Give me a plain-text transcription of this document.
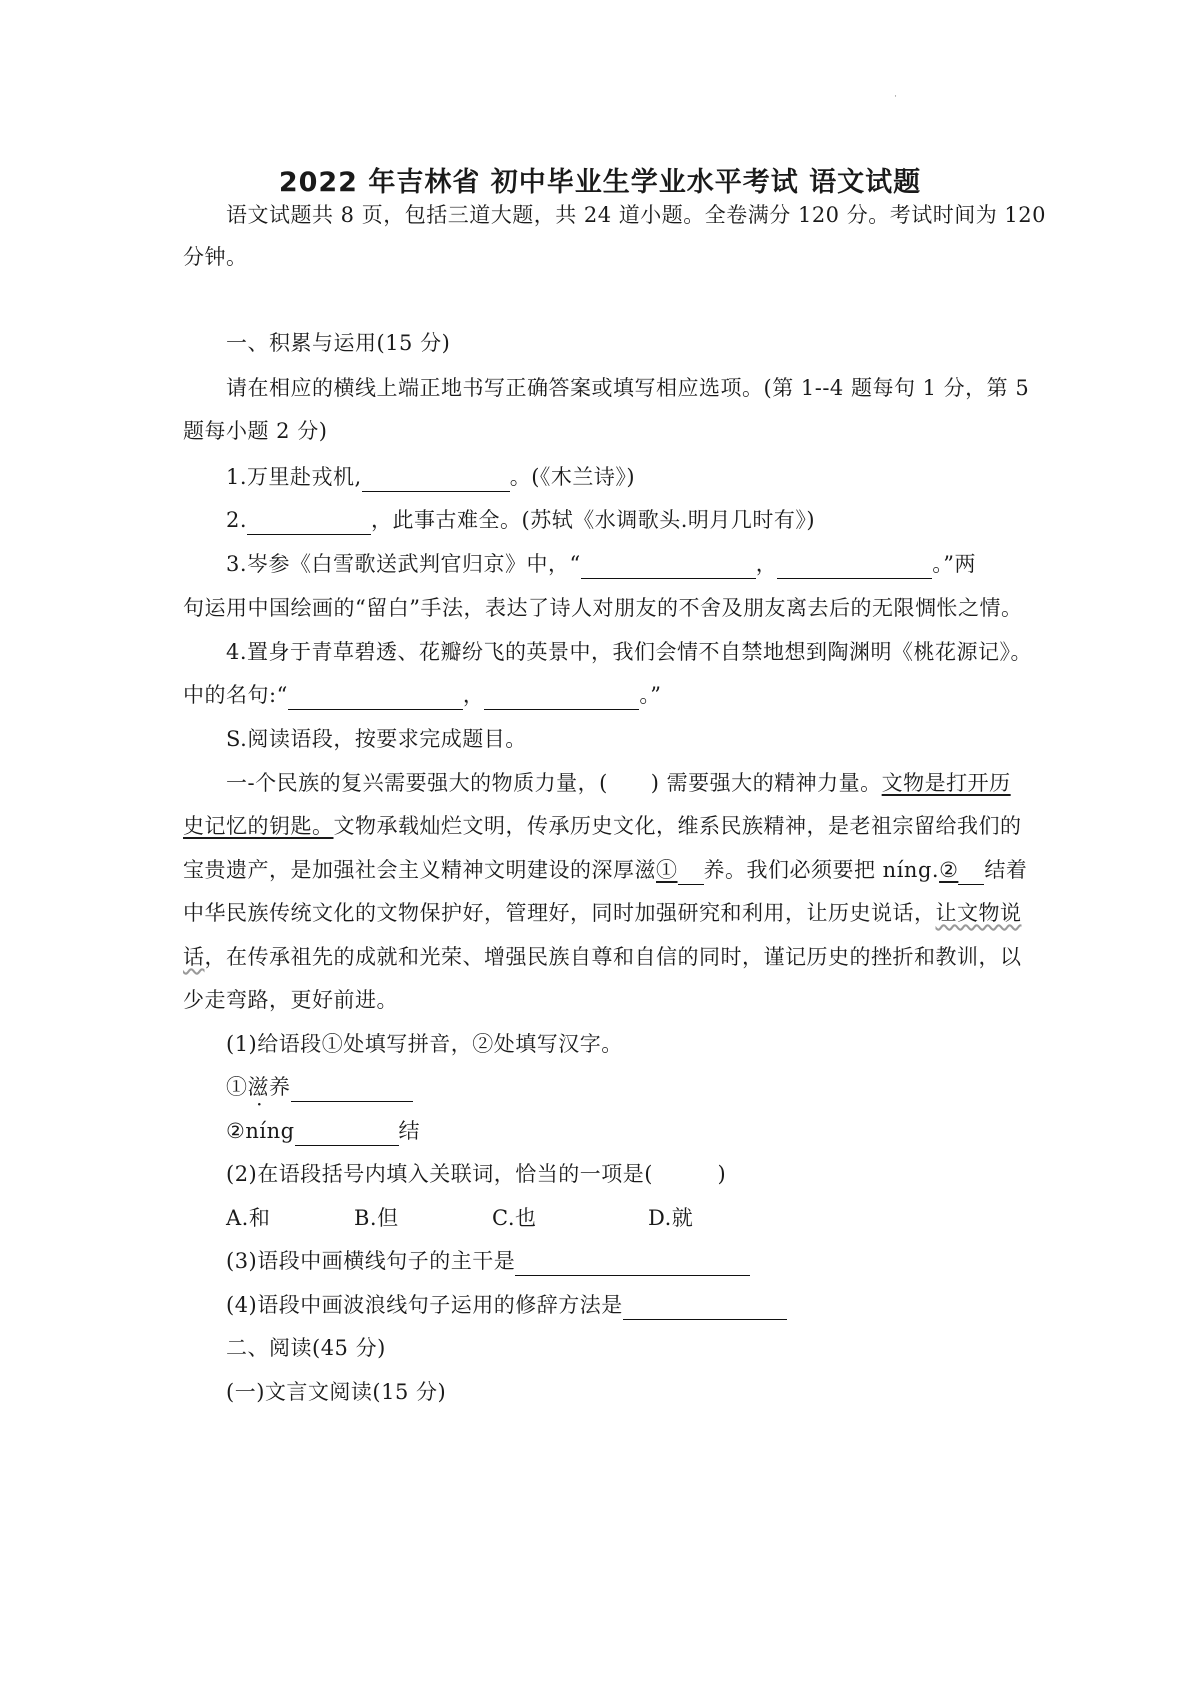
˙
2022 年吉林省 初中毕业生学业水平考试 语文试题
语文试题共 8 页，包括三道大题，共 24 道小题。全卷满分 120 分。考试时间为 120
分钟。
一、积累与运用(15 分)
请在相应的横线上端正地书写正确答案或填写相应选项。(第 1--4 题每句 1 分，第 5
题每小题 2 分)
1.万里赴戎机,	。(《木兰诗》)
2.	，此事古难全。(苏轼《水调歌头.明月几时有》)
3.岑参《白雪歌送武判官归京》中，“	，	。”两
句运用中国绘画的“留白”手法，表达了诗人对朋友的不舍及朋友离去后的无限惆怅之情。
4.置身于青草碧透、花瓣纷飞的英景中，我们会情不自禁地想到陶渊明《桃花源记》。
中的名句:“	，	。”
S.阅读语段，按要求完成题目。
一-个民族的复兴需要强大的物质力量，(　　) 需要强大的精神力量。文物是打开历
史记忆的钥匙。文物承载灿烂文明，传承历史文化，维系民族精神，是老祖宗留给我们的
宝贵遗产，是加强社会主义精神文明建设的深厚滋① 养。我们必须要把 níng.② 结着
中华民族传统文化的文物保护好，管理好，同时加强研究和利用，让历史说话，让文物说
话，在传承祖先的成就和光荣、增强民族自尊和自信的同时，谨记历史的挫折和教训，以
少走弯路，更好前进。
(1)给语段①处填写拼音，②处填写汉字。
①滋养
②níng	结
(2)在语段括号内填入关联词，恰当的一项是(　　　)
A.和	B.但	C.也	D.就
(3)语段中画横线句子的主干是
(4)语段中画波浪线句子运用的修辞方法是
二、阅读(45 分)
(一)文言文阅读(15 分)
